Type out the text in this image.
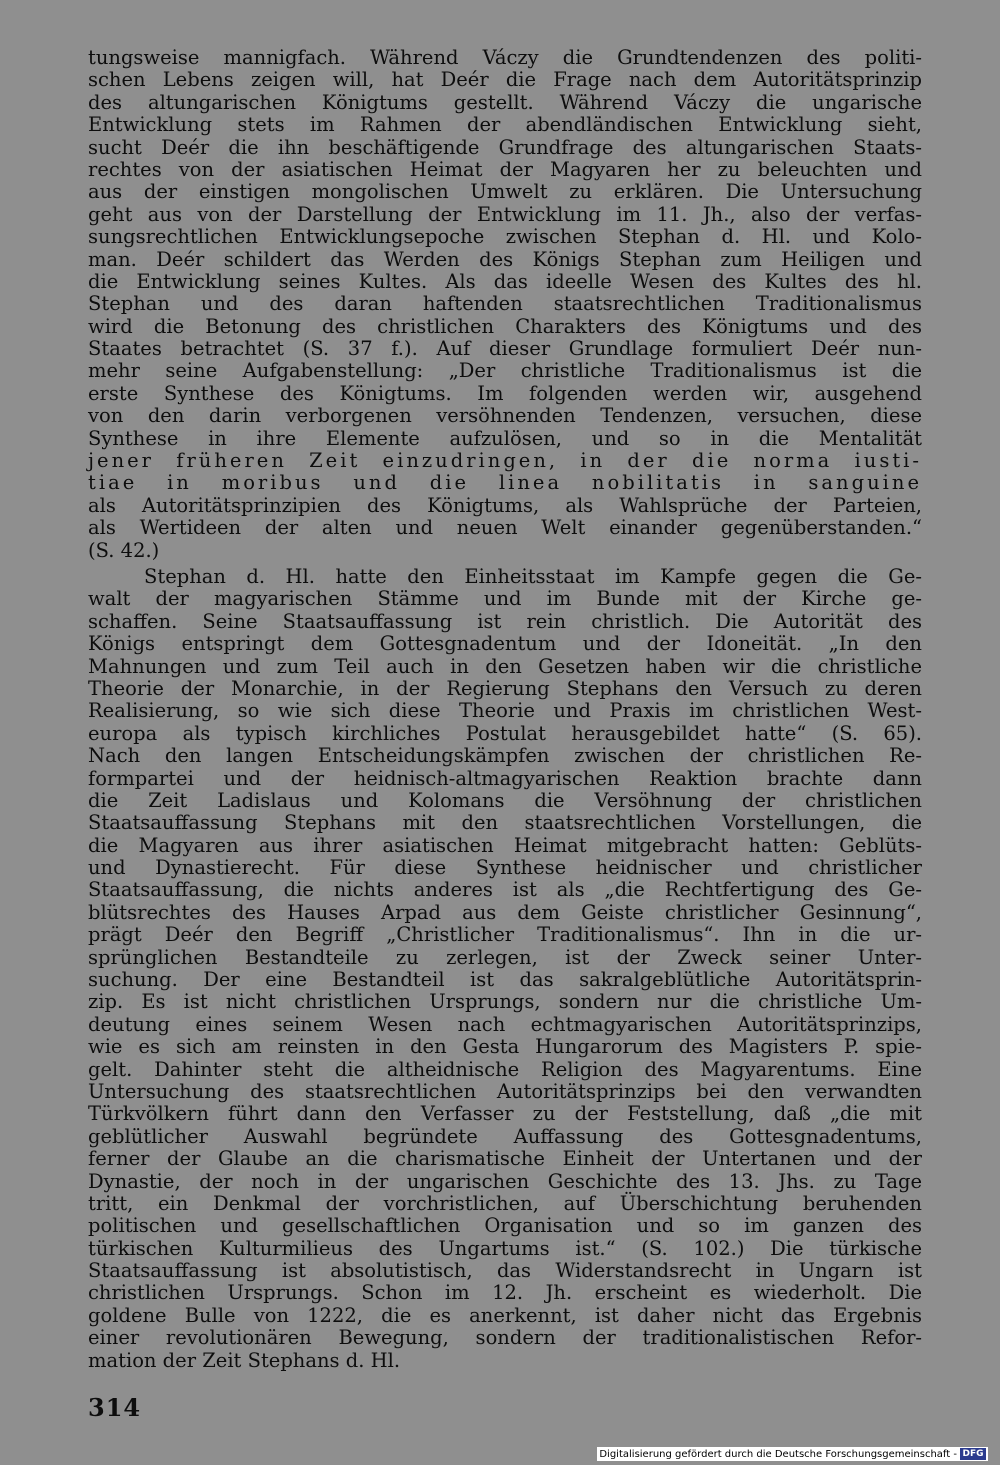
tungsweise mannigfach. Während Váczy die Grundtendenzen des politi-
schen Lebens zeigen will, hat Deér die Frage nach dem Autoritätsprinzip
des altungarischen Königtums gestellt. Während Váczy die ungarische
Entwicklung stets im Rahmen der abendländischen Entwicklung sieht,
sucht Deér die ihn beschäftigende Grundfrage des altungarischen Staats-
rechtes von der asiatischen Heimat der Magyaren her zu beleuchten und
aus der einstigen mongolischen Umwelt zu erklären. Die Untersuchung
geht aus von der Darstellung der Entwicklung im 11. Jh., also der verfas-
sungsrechtlichen Entwicklungsepoche zwischen Stephan d. Hl. und Kolo-
man. Deér schildert das Werden des Königs Stephan zum Heiligen und
die Entwicklung seines Kultes. Als das ideelle Wesen des Kultes des hl.
Stephan und des daran haftenden staatsrechtlichen Traditionalismus
wird die Betonung des christlichen Charakters des Königtums und des
Staates betrachtet (S. 37 f.). Auf dieser Grundlage formuliert Deér nun-
mehr seine Aufgabenstellung: „Der christliche Traditionalismus ist die
erste Synthese des Königtums. Im folgenden werden wir, ausgehend
von den darin verborgenen versöhnenden Tendenzen, versuchen, diese
Synthese in ihre Elemente aufzulösen, und so in die Mentalität
jener früheren Zeit einzudringen, in der die norma iusti-
tiae in moribus und die linea nobilitatis in sanguine
als Autoritätsprinzipien des Königtums, als Wahlsprüche der Parteien,
als Wertideen der alten und neuen Welt einander gegenüberstanden.“
(S. 42.)
Stephan d. Hl. hatte den Einheitsstaat im Kampfe gegen die Ge-
walt der magyarischen Stämme und im Bunde mit der Kirche ge-
schaffen. Seine Staatsauffassung ist rein christlich. Die Autorität des
Königs entspringt dem Gottesgnadentum und der Idoneität. „In den
Mahnungen und zum Teil auch in den Gesetzen haben wir die christliche
Theorie der Monarchie, in der Regierung Stephans den Versuch zu deren
Realisierung, so wie sich diese Theorie und Praxis im christlichen West-
europa als typisch kirchliches Postulat herausgebildet hatte“ (S. 65).
Nach den langen Entscheidungskämpfen zwischen der christlichen Re-
formpartei und der heidnisch-altmagyarischen Reaktion brachte dann
die Zeit Ladislaus und Kolomans die Versöhnung der christlichen
Staatsauffassung Stephans mit den staatsrechtlichen Vorstellungen, die
die Magyaren aus ihrer asiatischen Heimat mitgebracht hatten: Geblüts-
und Dynastierecht. Für diese Synthese heidnischer und christlicher
Staatsauffassung, die nichts anderes ist als „die Rechtfertigung des Ge-
blütsrechtes des Hauses Arpad aus dem Geiste christlicher Gesinnung“,
prägt Deér den Begriff „Christlicher Traditionalismus“. Ihn in die ur-
sprünglichen Bestandteile zu zerlegen, ist der Zweck seiner Unter-
suchung. Der eine Bestandteil ist das sakralgeblütliche Autoritätsprin-
zip. Es ist nicht christlichen Ursprungs, sondern nur die christliche Um-
deutung eines seinem Wesen nach echtmagyarischen Autoritätsprinzips,
wie es sich am reinsten in den Gesta Hungarorum des Magisters P. spie-
gelt. Dahinter steht die altheidnische Religion des Magyarentums. Eine
Untersuchung des staatsrechtlichen Autoritätsprinzips bei den verwandten
Türkvölkern führt dann den Verfasser zu der Feststellung, daß „die mit
geblütlicher Auswahl begründete Auffassung des Gottesgnadentums,
ferner der Glaube an die charismatische Einheit der Untertanen und der
Dynastie, der noch in der ungarischen Geschichte des 13. Jhs. zu Tage
tritt, ein Denkmal der vorchristlichen, auf Überschichtung beruhenden
politischen und gesellschaftlichen Organisation und so im ganzen des
türkischen Kulturmilieus des Ungartums ist.“ (S. 102.) Die türkische
Staatsauffassung ist absolutistisch, das Widerstandsrecht in Ungarn ist
christlichen Ursprungs. Schon im 12. Jh. erscheint es wiederholt. Die
goldene Bulle von 1222, die es anerkennt, ist daher nicht das Ergebnis
einer revolutionären Bewegung, sondern der traditionalistischen Refor-
mation der Zeit Stephans d. Hl.
314
Digitalisierung gefördert durch die Deutsche Forschungsgemeinschaft - DFG
